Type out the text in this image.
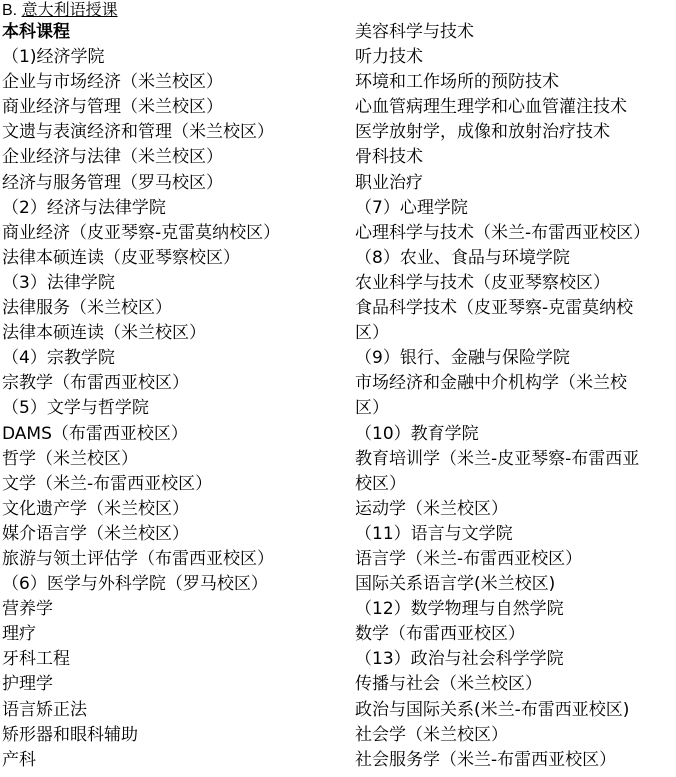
B. 意大利语授课
本科课程
（1)经济学院
企业与市场经济（米兰校区）
商业经济与管理（米兰校区）
文遗与表演经济和管理（米兰校区）
企业经济与法律（米兰校区）
经济与服务管理（罗马校区）
（2）经济与法律学院
商业经济（皮亚琴察-克雷莫纳校区）
法律本硕连读（皮亚琴察校区）
（3）法律学院
法律服务（米兰校区）
法律本硕连读（米兰校区）
（4）宗教学院
宗教学（布雷西亚校区）
（5）文学与哲学院
DAMS（布雷西亚校区）
哲学（米兰校区）
文学（米兰-布雷西亚校区）
文化遗产学（米兰校区）
媒介语言学（米兰校区）
旅游与领土评估学（布雷西亚校区）
（6）医学与外科学院（罗马校区）
营养学
理疗
牙科工程
护理学
语言矫正法
矫形器和眼科辅助
产科
美容科学与技术
听力技术
环境和工作场所的预防技术
心血管病理生理学和心血管灌注技术
医学放射学，成像和放射治疗技术
骨科技术
职业治疗
（7）心理学院
心理科学与技术（米兰-布雷西亚校区）
（8）农业、食品与环境学院
农业科学与技术（皮亚琴察校区）
食品科学技术（皮亚琴察-克雷莫纳校
区）
（9）银行、金融与保险学院
市场经济和金融中介机构学（米兰校
区）
（10）教育学院
教育培训学（米兰-皮亚琴察-布雷西亚
校区）
运动学（米兰校区）
（11）语言与文学院
语言学（米兰-布雷西亚校区）
国际关系语言学(米兰校区)
（12）数学物理与自然学院
数学（布雷西亚校区）
（13）政治与社会科学学院
传播与社会（米兰校区）
政治与国际关系(米兰-布雷西亚校区)
社会学（米兰校区）
社会服务学（米兰-布雷西亚校区）
